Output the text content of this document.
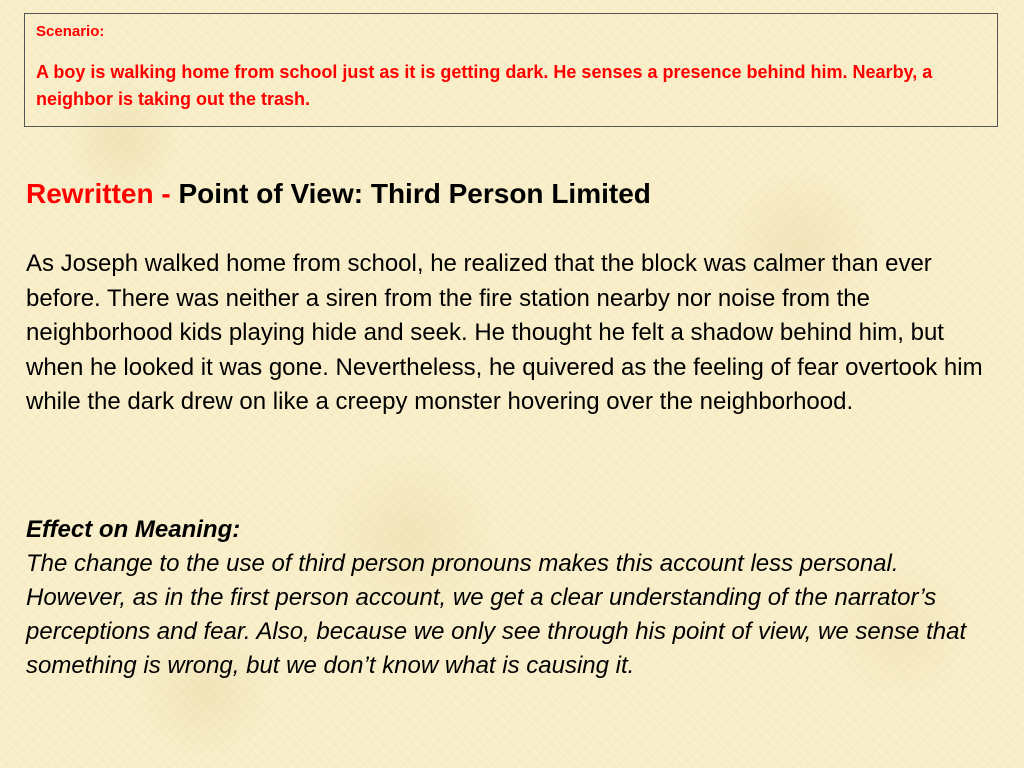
Scenario:
A boy is walking home from school just as it is getting dark. He senses a presence behind him. Nearby, a neighbor is taking out the trash.
Rewritten - Point of View: Third Person Limited

As Joseph walked home from school, he realized that the block was calmer than ever before. There was neither a siren from the fire station nearby nor noise from the neighborhood kids playing hide and seek. He thought he felt a shadow behind him, but when he looked it was gone. Nevertheless, he quivered as the feeling of fear overtook him while the dark drew on like a creepy monster hovering over the neighborhood.

Effect on Meaning:
The change to the use of third person pronouns makes this account less personal. However, as in the first person account, we get a clear understanding of the narrator’s perceptions and fear. Also, because we only see through his point of view, we sense that something is wrong, but we don’t know what is causing it.
